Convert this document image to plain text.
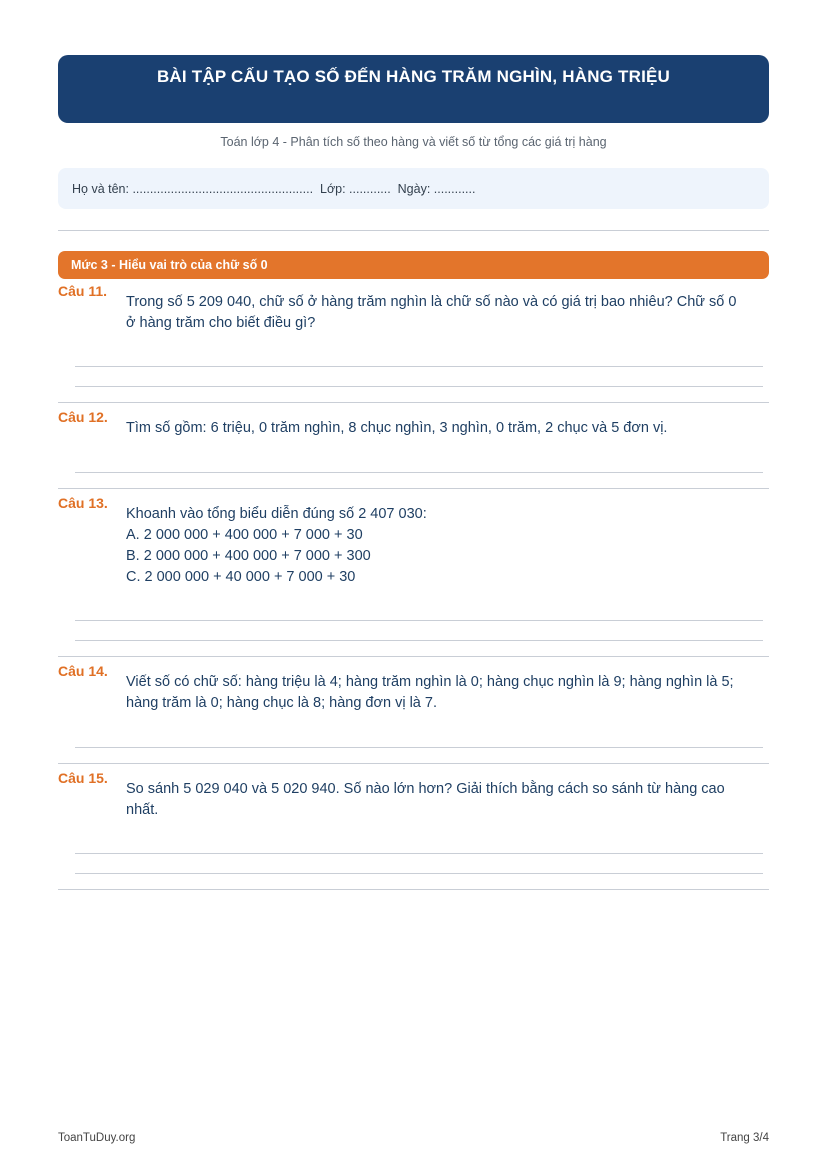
BÀI TẬP CẤU TẠO SỐ ĐẾN HÀNG TRĂM NGHÌN, HÀNG TRIỆU
Toán lớp 4 - Phân tích số theo hàng và viết số từ tổng các giá trị hàng
Họ và tên: ....................................................  Lớp: ............  Ngày: ............
Mức 3 - Hiểu vai trò của chữ số 0
Câu 11.
Trong số 5 209 040, chữ số ở hàng trăm nghìn là chữ số nào và có giá trị bao nhiêu? Chữ số 0
ở hàng trăm cho biết điều gì?
Câu 12.
Tìm số gồm: 6 triệu, 0 trăm nghìn, 8 chục nghìn, 3 nghìn, 0 trăm, 2 chục và 5 đơn vị.
Câu 13.
Khoanh vào tổng biểu diễn đúng số 2 407 030:
A. 2 000 000 + 400 000 + 7 000 + 30
B. 2 000 000 + 400 000 + 7 000 + 300
C. 2 000 000 + 40 000 + 7 000 + 30
Câu 14.
Viết số có chữ số: hàng triệu là 4; hàng trăm nghìn là 0; hàng chục nghìn là 9; hàng nghìn là 5;
hàng trăm là 0; hàng chục là 8; hàng đơn vị là 7.
Câu 15.
So sánh 5 029 040 và 5 020 940. Số nào lớn hơn? Giải thích bằng cách so sánh từ hàng cao
nhất.
ToanTuDuy.org	Trang 3/4
